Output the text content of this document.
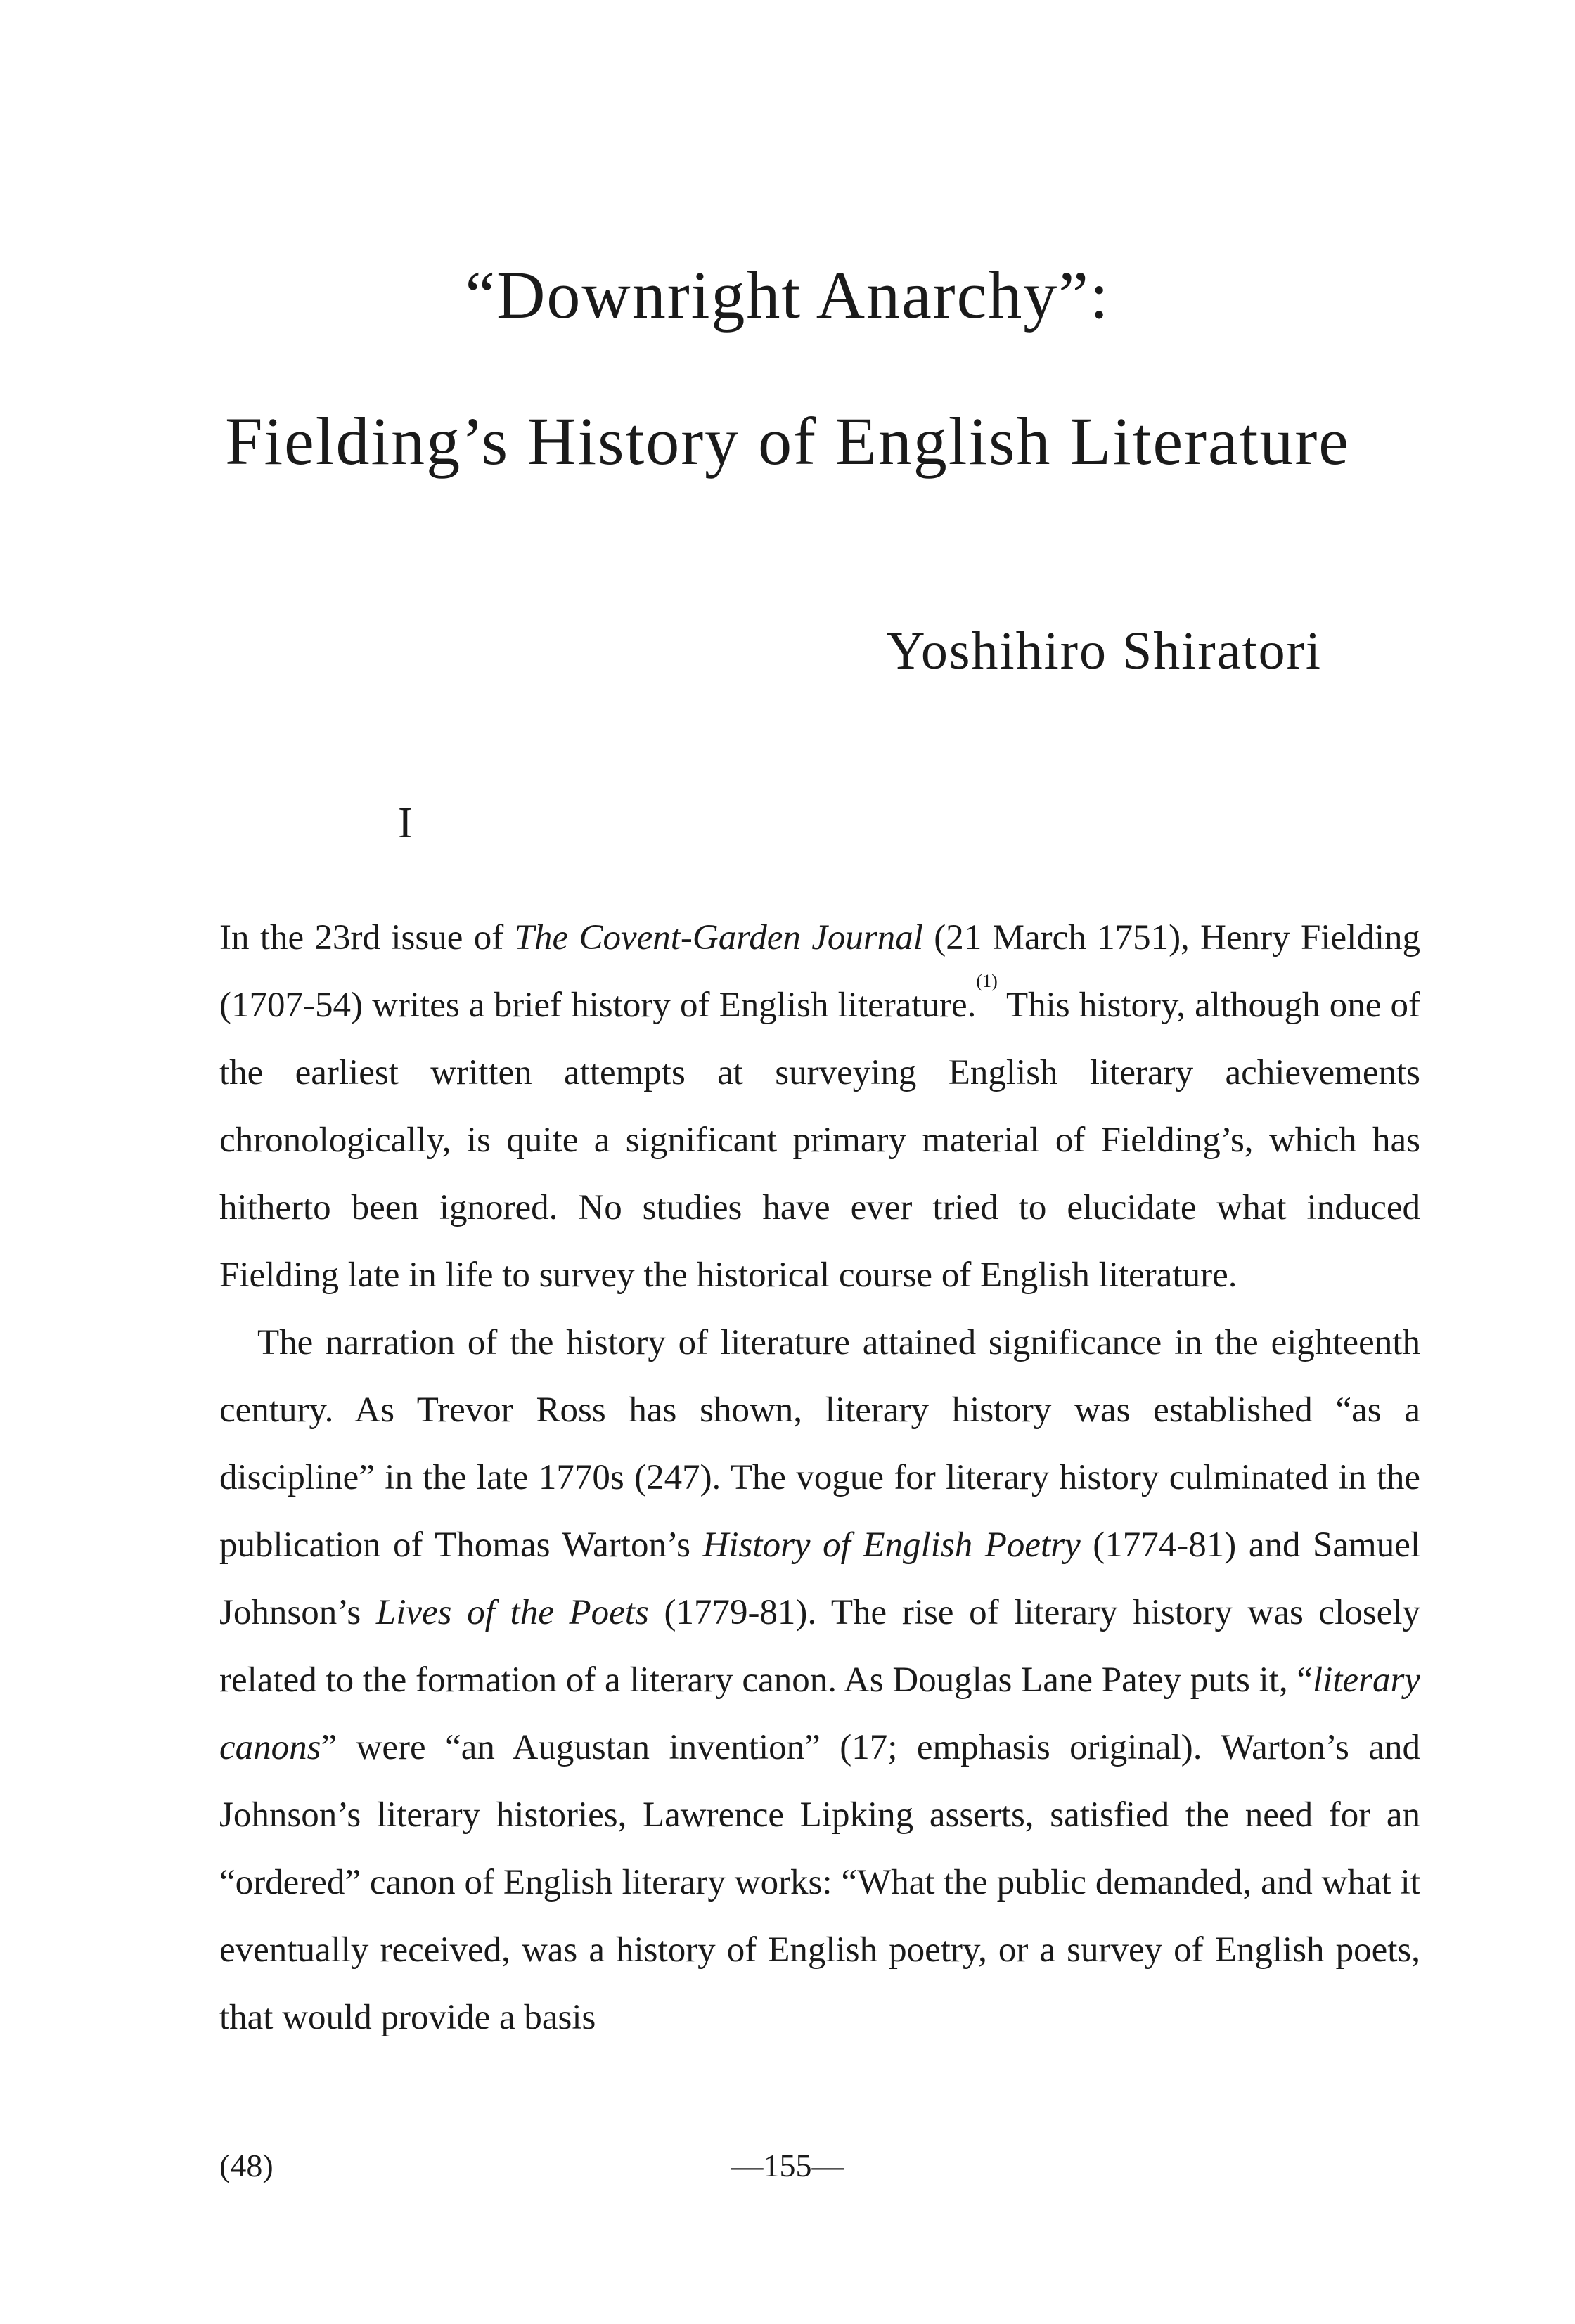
“Downright Anarchy”:
Fielding’s History of English Literature
Yoshihiro Shiratori
I

In the 23rd issue of The Covent-Garden Journal (21 March 1751), Henry Fielding (1707-54) writes a brief history of English literature.$^{(1)}$ This history, although one of the earliest written attempts at surveying English literary achievements chronologically, is quite a significant primary material of Fielding’s, which has hitherto been ignored. No studies have ever tried to elucidate what induced Fielding late in life to survey the historical course of English literature.

The narration of the history of literature attained significance in the eighteenth century. As Trevor Ross has shown, literary history was established “as a discipline” in the late 1770s (247). The vogue for literary history culminated in the publication of Thomas Warton’s History of English Poetry (1774-81) and Samuel Johnson’s Lives of the Poets (1779-81). The rise of literary history was closely related to the formation of a literary canon. As Douglas Lane Patey puts it, “literary canons” were “an Augustan invention” (17; emphasis original). Warton’s and Johnson’s literary histories, Lawrence Lipking asserts, satisfied the need for an “ordered” canon of English literary works: “What the public demanded, and what it eventually received, was a history of English poetry, or a survey of English poets, that would provide a basis

(48)	—155—
